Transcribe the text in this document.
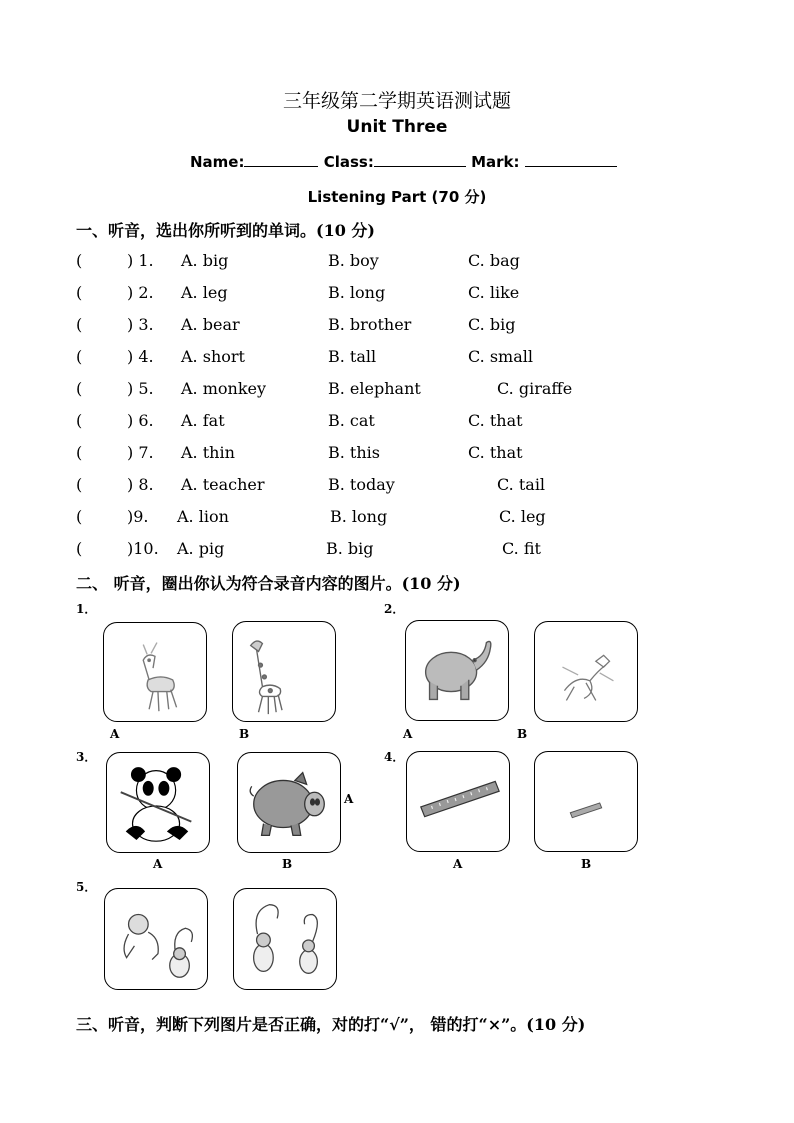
三年级第二学期英语测试题
Unit Three
Name:	Class:	Mark:
Listening Part (70 分)
一、听音，选出你所听到的单词。(10 分)
(	) 1. A. big	B. boy	C. bag
(	) 2. A. leg	B. long	C. like
(	) 3. A. bear	B. brother	C. big
(	) 4. A. short	B. tall	C. small
(	) 5. A. monkey	B. elephant	C. giraffe
(	) 6. A. fat	B. cat	C. that
(	) 7. A. thin	B. this	C. that
(	) 8. A. teacher	B. today	C. tail
(	)9. A. lion	B. long	C. leg
(	)10. A. pig	B. big	C. fit
二、 听音，圈出你认为符合录音内容的图片。(10 分)
1．
A	B
2．
A	B
3．
A	B
A
4．
A	B
5．
三、听音，判断下列图片是否正确，对的打“√”， 错的打“×”。(10 分)
